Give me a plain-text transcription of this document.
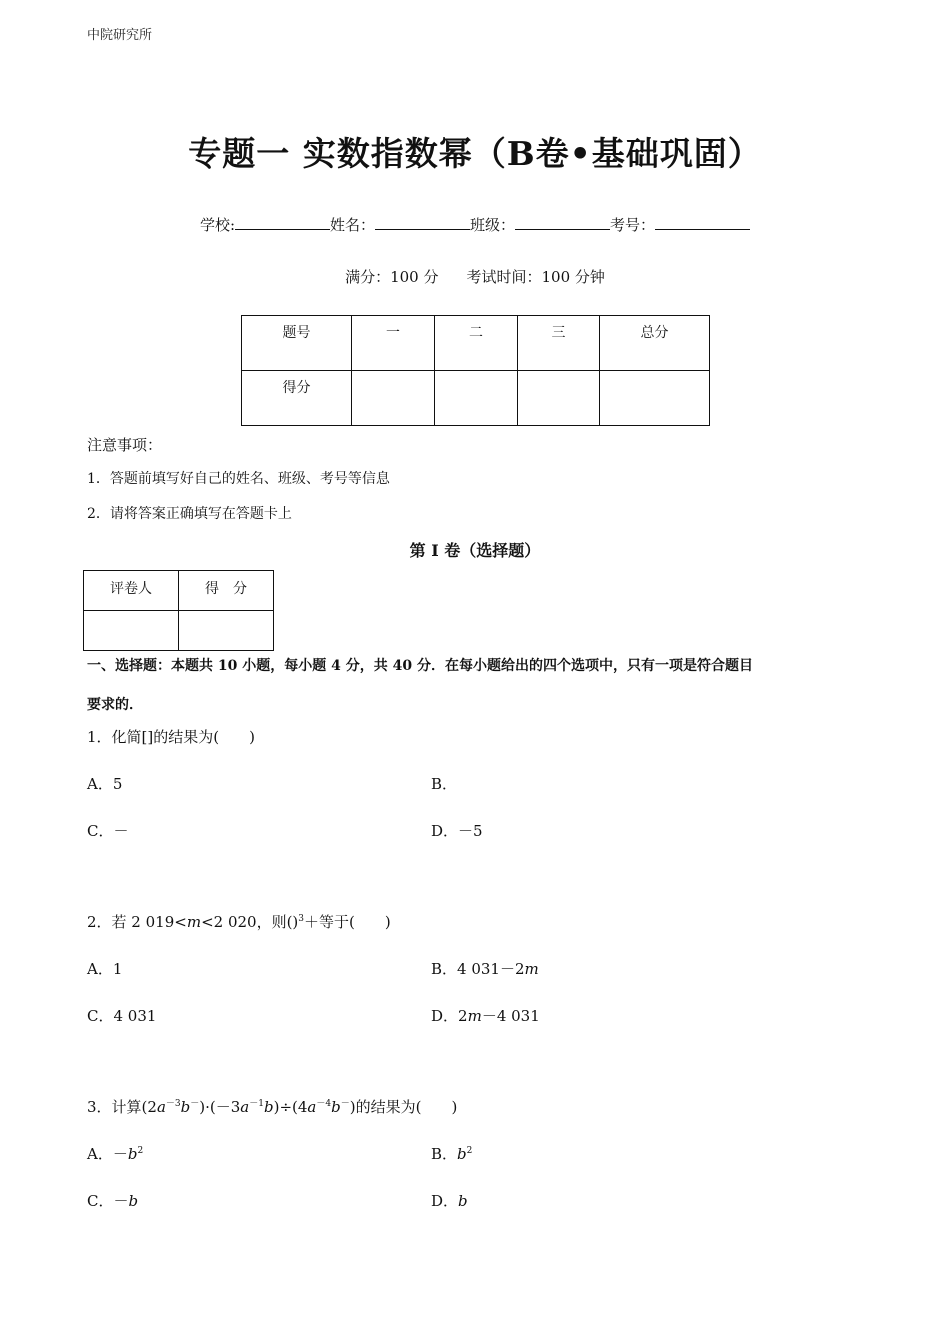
中院研究所
专题一 实数指数幂（B卷•基础巩固）
学校:	姓名：	班级：	考号：
满分：100 分 考试时间：100 分钟
题号	一	二	三	总分
得分				
注意事项：
1．答题前填写好自己的姓名、班级、考号等信息
2．请将答案正确填写在答题卡上
第 I 卷（选择题）
评卷人	得　分

一、选择题：本题共 10 小题，每小题 4 分，共 40 分．在每小题给出的四个选项中，只有一项是符合题目
要求的．
1．化简[]的结果为(　　)
A．5	B．
C．－	D．－5
2．若 2 019<m<2 020，则()$^3$＋等于(　　)
A．1	B．4 031－2m
C．4 031	D．2m－4 031
3．计算$(2a^{-3}b^-)\cdot(-3a^{-1}b)\div(4a^{-4}b^-)$的结果为(　　)
A．$-b^2$	B．$b^2$
C．－b	D．b
